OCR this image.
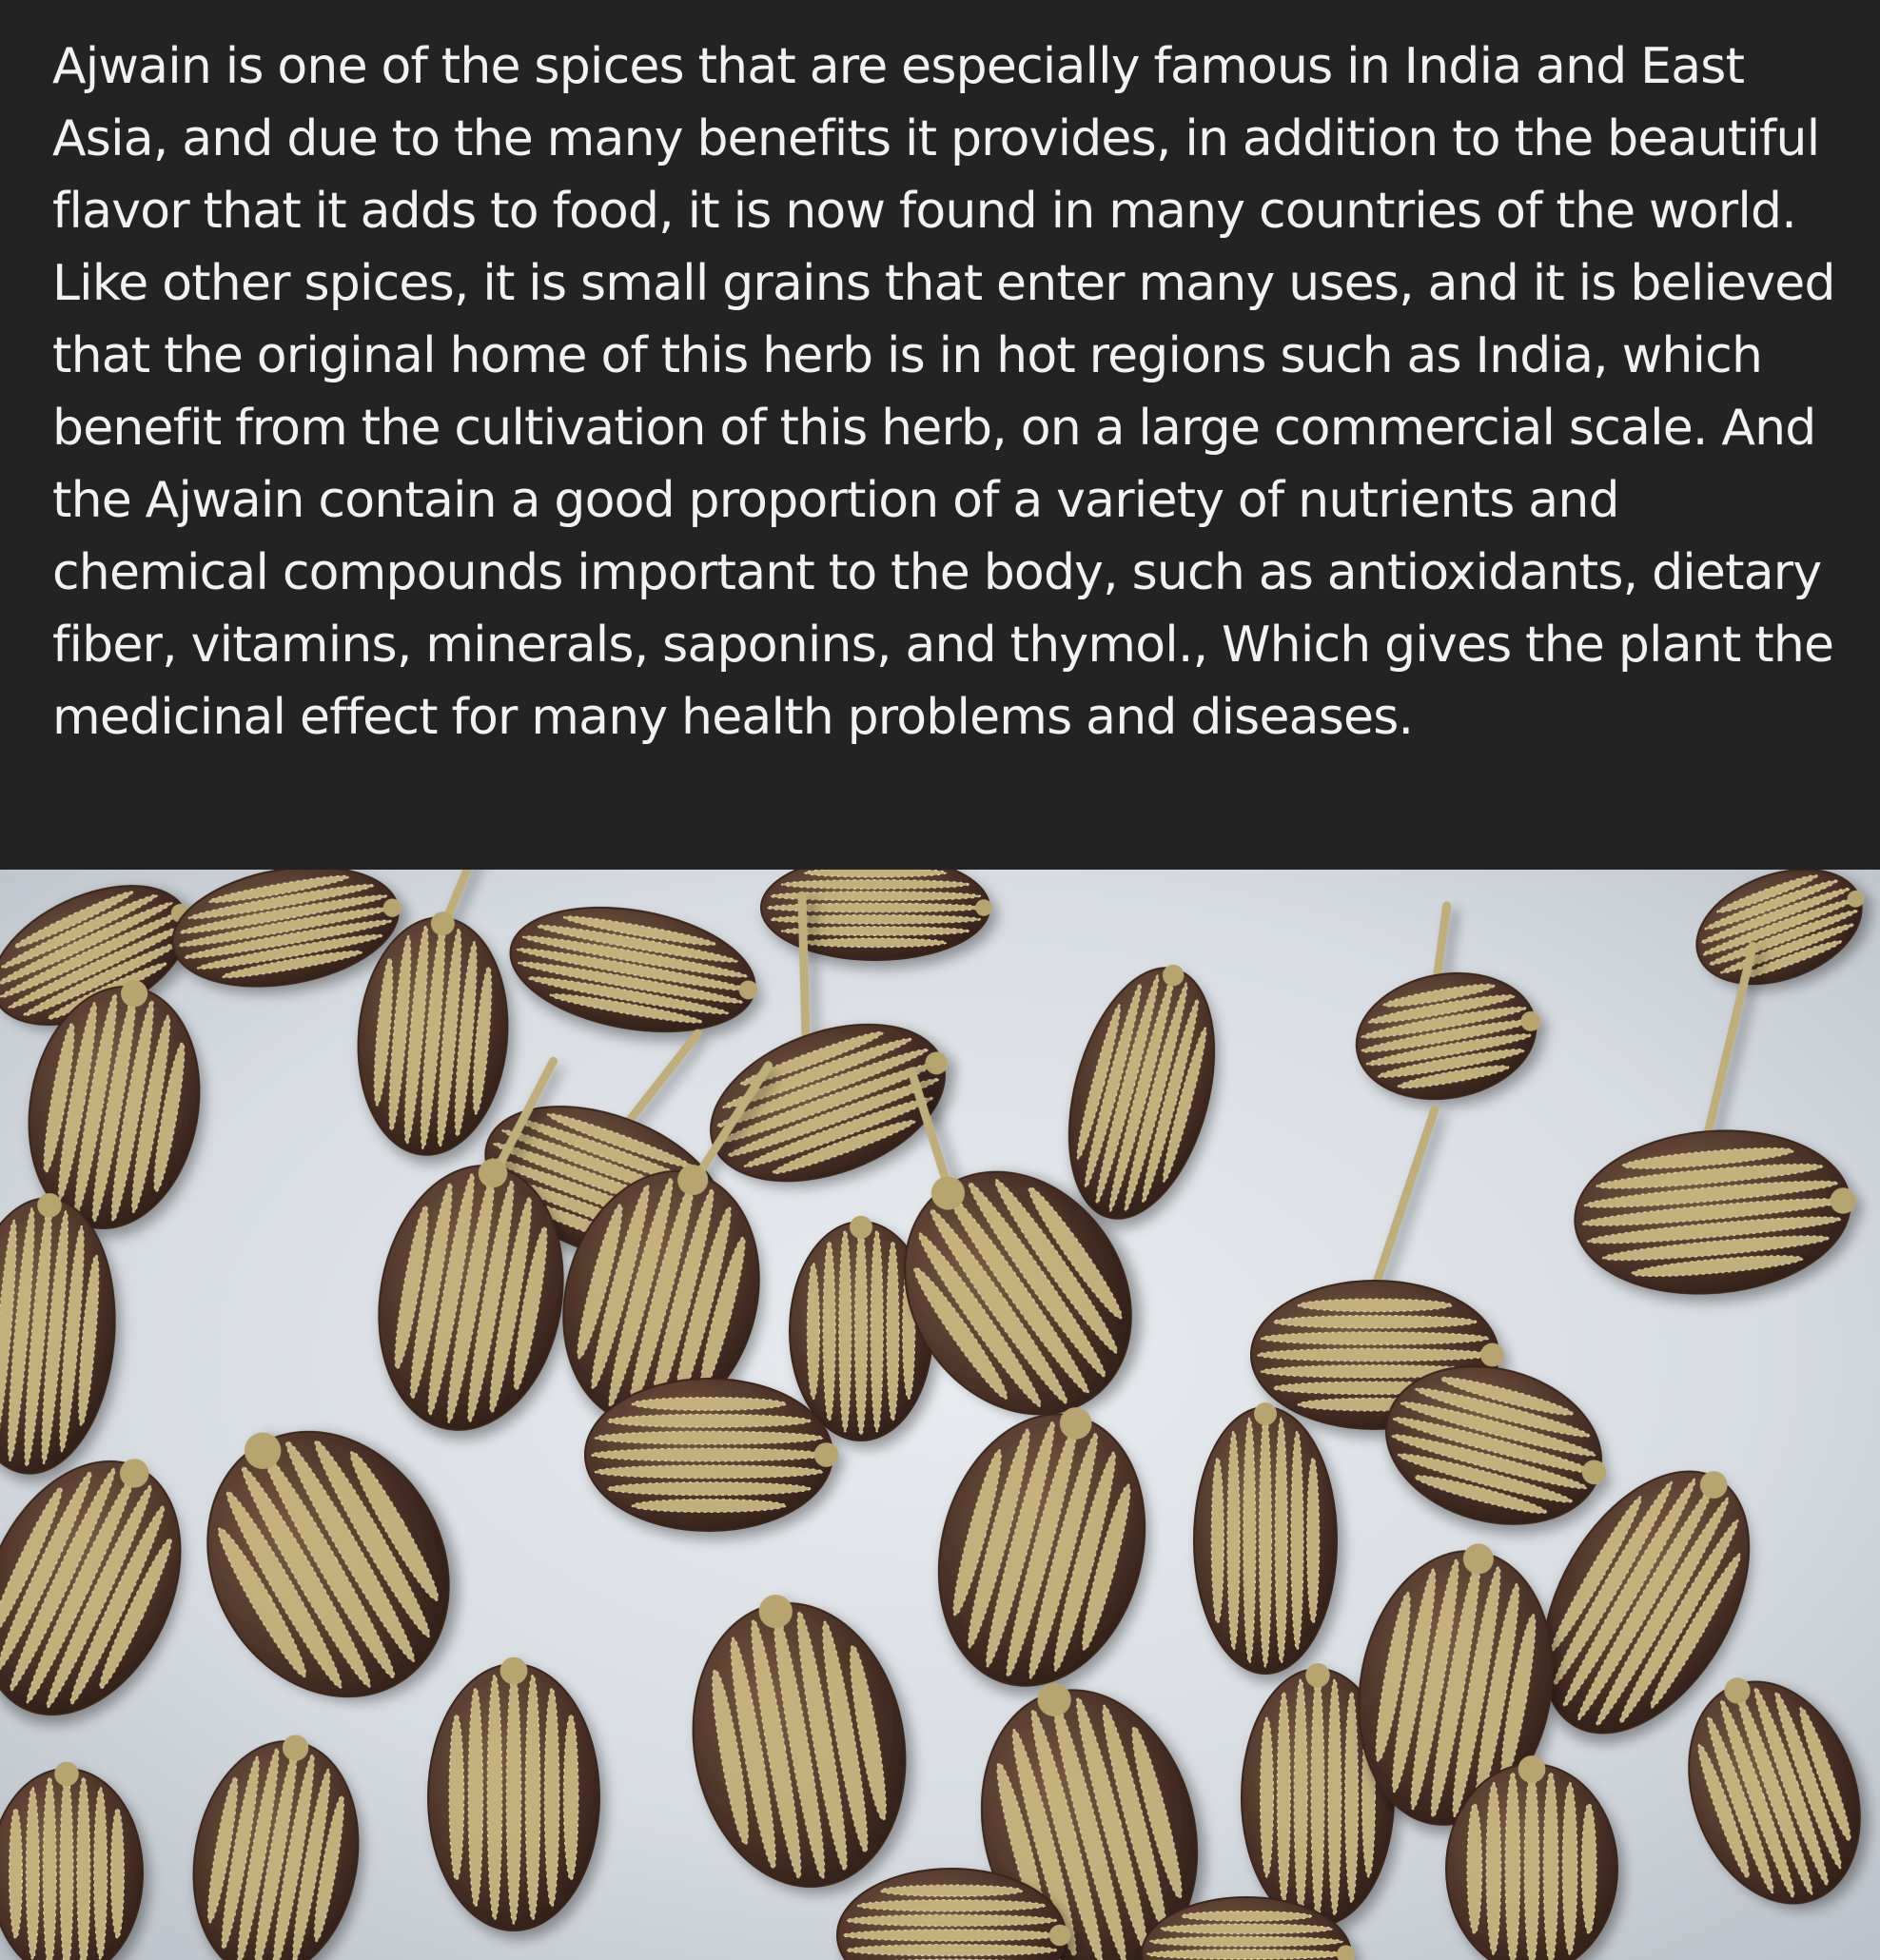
Ajwain is one of the spices that are especially famous in India and East Asia, and due to the many benefits it provides, in addition to the beautiful flavor that it adds to food, it is now found in many countries of the world. Like other spices, it is small grains that enter many uses, and it is believed that the original home of this herb is in hot regions such as India, which benefit from the cultivation of this herb, on a large commercial scale. And the Ajwain contain a good proportion of a variety of nutrients and chemical compounds important to the body, such as antioxidants, dietary fiber, vitamins, minerals, saponins, and thymol., Which gives the plant the medicinal effect for many health problems and diseases.
